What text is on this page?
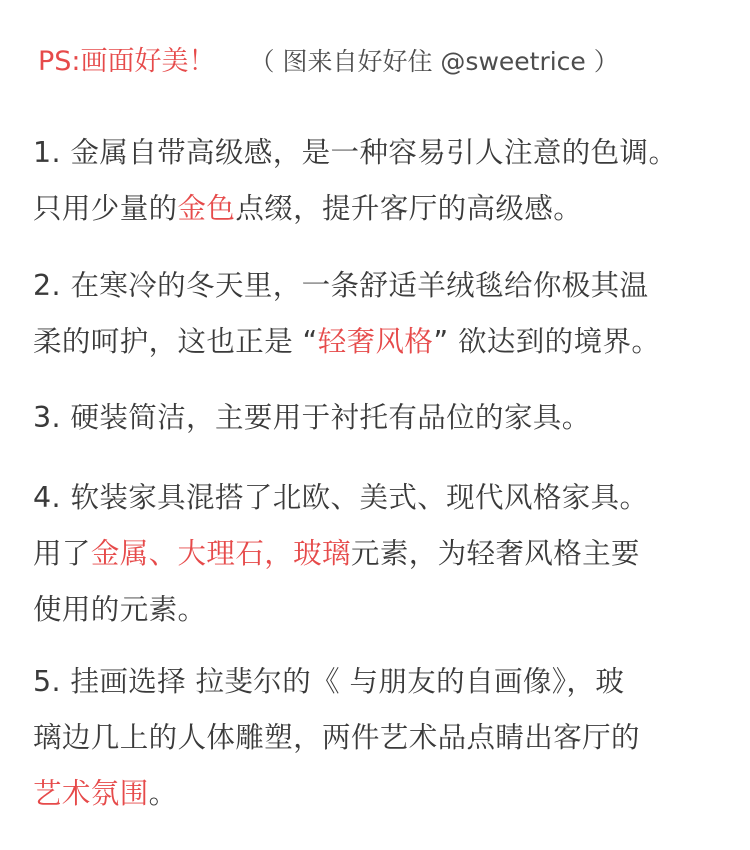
PS:画面好美！ （ 图来自好好住 @sweetrice ）
1. 金属自带高级感，是一种容易引人注意的色调。
只用少量的金色点缀，提升客厅的高级感。
2. 在寒冷的冬天里，一条舒适羊绒毯给你极其温
柔的呵护，这也正是 “轻奢风格” 欲达到的境界。
3. 硬装简洁，主要用于衬托有品位的家具。
4. 软装家具混搭了北欧、美式、现代风格家具。
用了金属、大理石，玻璃元素，为轻奢风格主要
使用的元素。
5. 挂画选择 拉斐尔的《 与朋友的自画像》，玻
璃边几上的人体雕塑，两件艺术品点睛出客厅的
艺术氛围。
